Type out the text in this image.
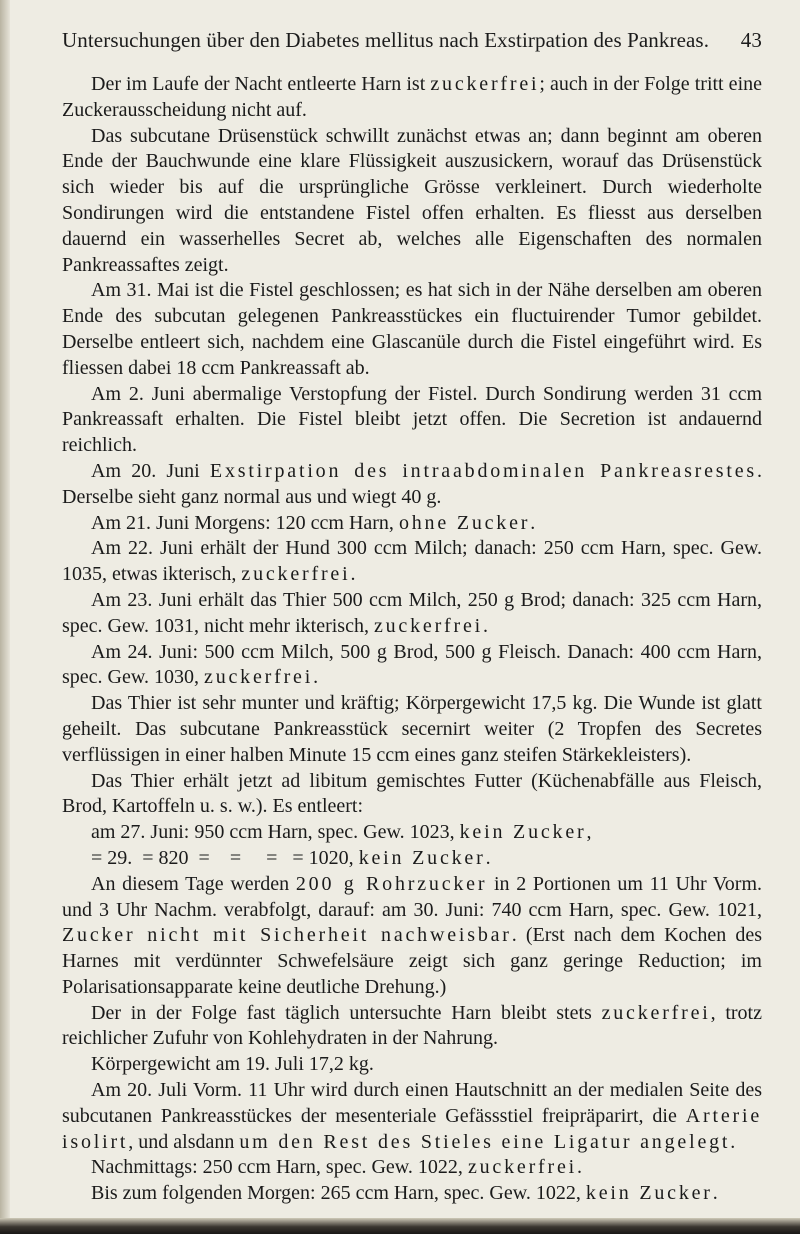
Untersuchungen über den Diabetes mellitus nach Exstirpation des Pankreas. 43

Der im Laufe der Nacht entleerte Harn ist zuckerfrei; auch in der Folge tritt eine Zuckerausscheidung nicht auf.

Das subcutane Drüsenstück schwillt zunächst etwas an; dann beginnt am oberen Ende der Bauchwunde eine klare Flüssigkeit auszusickern, worauf das Drüsenstück sich wieder bis auf die ursprüngliche Grösse verkleinert. Durch wiederholte Sondirungen wird die entstandene Fistel offen erhalten. Es fliesst aus derselben dauernd ein wasserhelles Secret ab, welches alle Eigenschaften des normalen Pankreassaftes zeigt.

Am 31. Mai ist die Fistel geschlossen; es hat sich in der Nähe derselben am oberen Ende des subcutan gelegenen Pankreasstückes ein fluctuirender Tumor gebildet. Derselbe entleert sich, nachdem eine Glascanüle durch die Fistel eingeführt wird. Es fliessen dabei 18 ccm Pankreassaft ab.

Am 2. Juni abermalige Verstopfung der Fistel. Durch Sondirung werden 31 ccm Pankreassaft erhalten. Die Fistel bleibt jetzt offen. Die Secretion ist andauernd reichlich.

Am 20. Juni Exstirpation des intraabdominalen Pankreasrestes. Derselbe sieht ganz normal aus und wiegt 40 g.

Am 21. Juni Morgens: 120 ccm Harn, ohne Zucker.

Am 22. Juni erhält der Hund 300 ccm Milch; danach: 250 ccm Harn, spec. Gew. 1035, etwas ikterisch, zuckerfrei.

Am 23. Juni erhält das Thier 500 ccm Milch, 250 g Brod; danach: 325 ccm Harn, spec. Gew. 1031, nicht mehr ikterisch, zuckerfrei.

Am 24. Juni: 500 ccm Milch, 500 g Brod, 500 g Fleisch. Danach: 400 ccm Harn, spec. Gew. 1030, zuckerfrei.

Das Thier ist sehr munter und kräftig; Körpergewicht 17,5 kg. Die Wunde ist glatt geheilt. Das subcutane Pankreasstück secernirt weiter (2 Tropfen des Secretes verflüssigen in einer halben Minute 15 ccm eines ganz steifen Stärkekleisters).

Das Thier erhält jetzt ad libitum gemischtes Futter (Küchenabfälle aus Fleisch, Brod, Kartoffeln u. s. w.). Es entleert:

am 27. Juni: 950 ccm Harn, spec. Gew. 1023, kein Zucker,

= 29.  = 820  =    =     =   = 1020, kein Zucker.

An diesem Tage werden 200 g Rohrzucker in 2 Portionen um 11 Uhr Vorm. und 3 Uhr Nachm. verabfolgt, darauf: am 30. Juni: 740 ccm Harn, spec. Gew. 1021, Zucker nicht mit Sicherheit nachweisbar. (Erst nach dem Kochen des Harnes mit verdünnter Schwefelsäure zeigt sich ganz geringe Reduction; im Polarisationsapparate keine deutliche Drehung.)

Der in der Folge fast täglich untersuchte Harn bleibt stets zuckerfrei, trotz reichlicher Zufuhr von Kohlehydraten in der Nahrung.

Körpergewicht am 19. Juli 17,2 kg.

Am 20. Juli Vorm. 11 Uhr wird durch einen Hautschnitt an der medialen Seite des subcutanen Pankreasstückes der mesenteriale Gefässstiel freipräparirt, die Arterie isolirt, und alsdann um den Rest des Stieles eine Ligatur angelegt.

Nachmittags: 250 ccm Harn, spec. Gew. 1022, zuckerfrei.

Bis zum folgenden Morgen: 265 ccm Harn, spec. Gew. 1022, kein Zucker.
